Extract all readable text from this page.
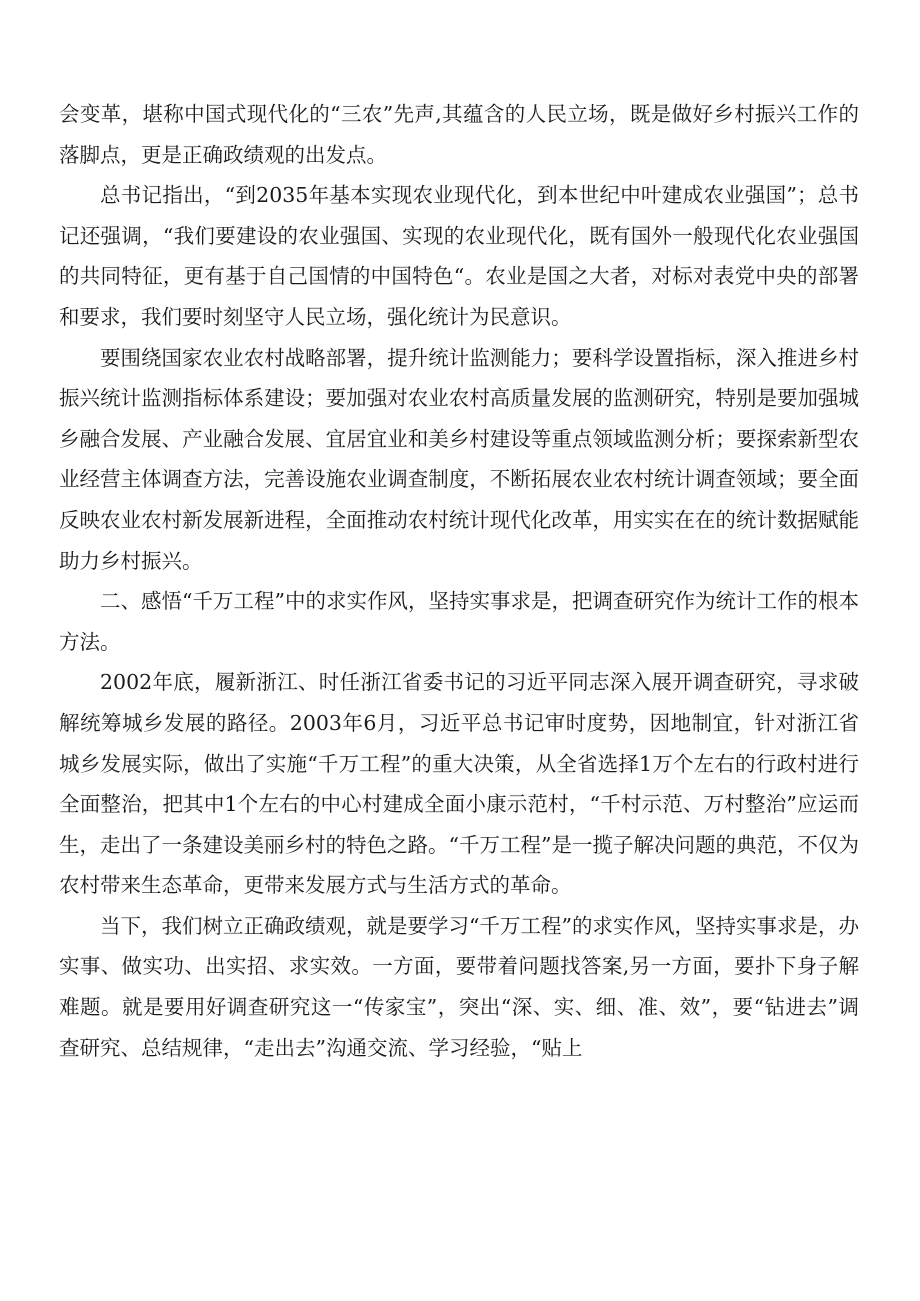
会变革，堪称中国式现代化的“三农”先声,其蕴含的人民立场，既是做好乡村振兴工作的落脚点，更是正确政绩观的出发点。

总书记指出，“到2035年基本实现农业现代化，到本世纪中叶建成农业强国”；总书记还强调，“我们要建设的农业强国、实现的农业现代化，既有国外一般现代化农业强国的共同特征，更有基于自己国情的中国特色“。农业是国之大者，对标对表党中央的部署和要求，我们要时刻坚守人民立场，强化统计为民意识。

要围绕国家农业农村战略部署，提升统计监测能力；要科学设置指标，深入推进乡村振兴统计监测指标体系建设；要加强对农业农村高质量发展的监测研究，特别是要加强城乡融合发展、产业融合发展、宜居宜业和美乡村建设等重点领域监测分析；要探索新型农业经营主体调查方法，完善设施农业调查制度，不断拓展农业农村统计调查领域；要全面反映农业农村新发展新进程，全面推动农村统计现代化改革，用实实在在的统计数据赋能助力乡村振兴。

二、感悟“千万工程”中的求实作风，坚持实事求是，把调查研究作为统计工作的根本方法。

2002年底，履新浙江、时任浙江省委书记的习近平同志深入展开调查研究，寻求破解统筹城乡发展的路径。2003年6月，习近平总书记审时度势，因地制宜，针对浙江省城乡发展实际，做出了实施“千万工程”的重大决策，从全省选择1万个左右的行政村进行全面整治，把其中1个左右的中心村建成全面小康示范村，“千村示范、万村整治”应运而生，走出了一条建设美丽乡村的特色之路。“千万工程”是一揽子解决问题的典范，不仅为农村带来生态革命，更带来发展方式与生活方式的革命。

当下，我们树立正确政绩观，就是要学习“千万工程”的求实作风，坚持实事求是，办实事、做实功、出实招、求实效。一方面，要带着问题找答案,另一方面，要扑下身子解难题。就是要用好调查研究这一“传家宝”，突出“深、实、细、准、效”，要“钻进去”调查研究、总结规律，“走出去”沟通交流、学习经验，“贴上
